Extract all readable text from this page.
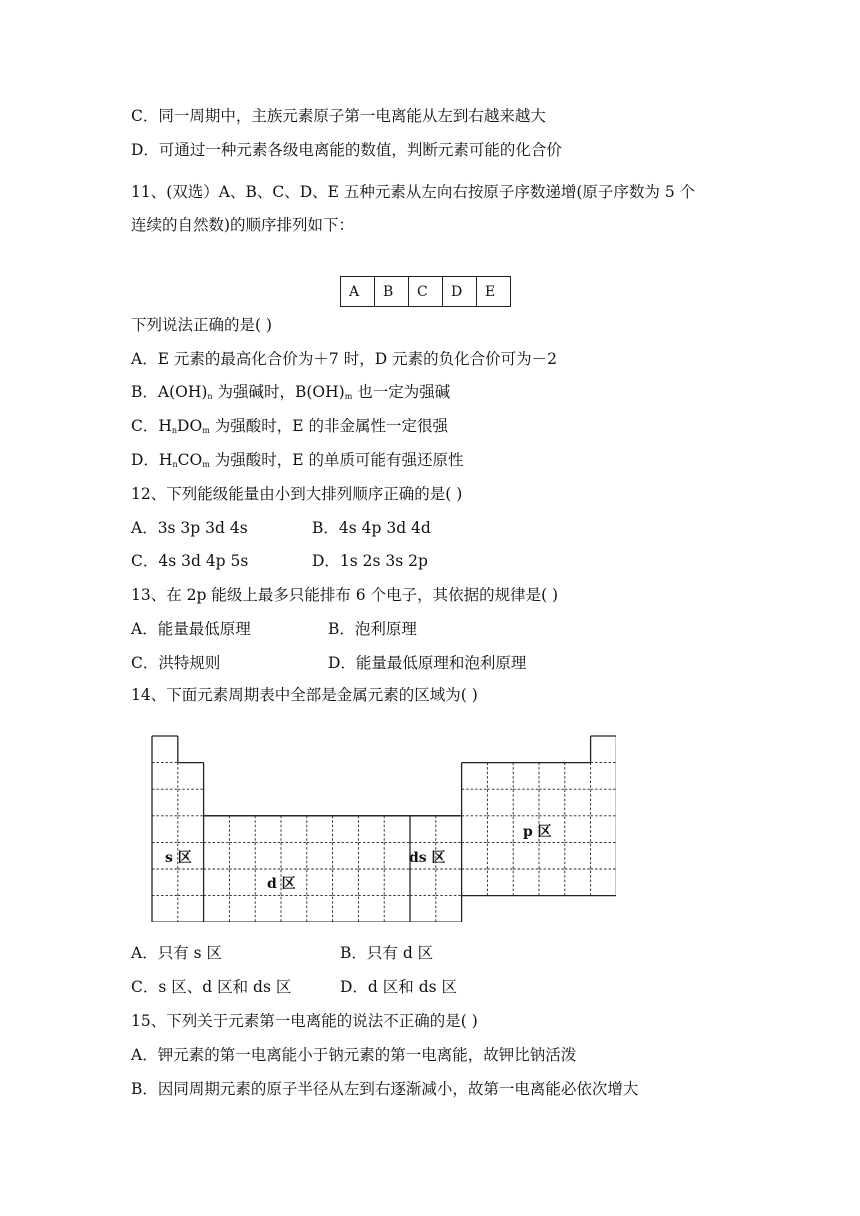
C．同一周期中，主族元素原子第一电离能从左到右越来越大
D．可通过一种元素各级电离能的数值，判断元素可能的化合价
11、(双选）A、B、C、D、E 五种元素从左向右按原子序数递增(原子序数为 5 个
连续的自然数)的顺序排列如下：
A	B	C	D	E
下列说法正确的是( )
A．E 元素的最高化合价为＋7 时，D 元素的负化合价可为－2
B．$A(OH)_n$ 为强碱时，$B(OH)_m$ 也一定为强碱
C．$H_nDO_m$ 为强酸时，E 的非金属性一定很强
D．$H_nCO_m$ 为强酸时，E 的单质可能有强还原性
12、下列能级能量由小到大排列顺序正确的是( )
A．3s 3p 3d 4s	B．4s 4p 3d 4d
C．4s 3d 4p 5s	D．1s 2s 3s 2p
13、在 2p 能级上最多只能排布 6 个电子，其依据的规律是( )
A．能量最低原理	B．泡利原理
C．洪特规则	D．能量最低原理和泡利原理
14、下面元素周期表中全部是金属元素的区域为( )
s 区
d 区
ds 区
p 区
A．只有 s 区	B．只有 d 区
C．s 区、d 区和 ds 区	D．d 区和 ds 区
15、下列关于元素第一电离能的说法不正确的是( )
A．钾元素的第一电离能小于钠元素的第一电离能，故钾比钠活泼
B．因同周期元素的原子半径从左到右逐渐减小，故第一电离能必依次增大
